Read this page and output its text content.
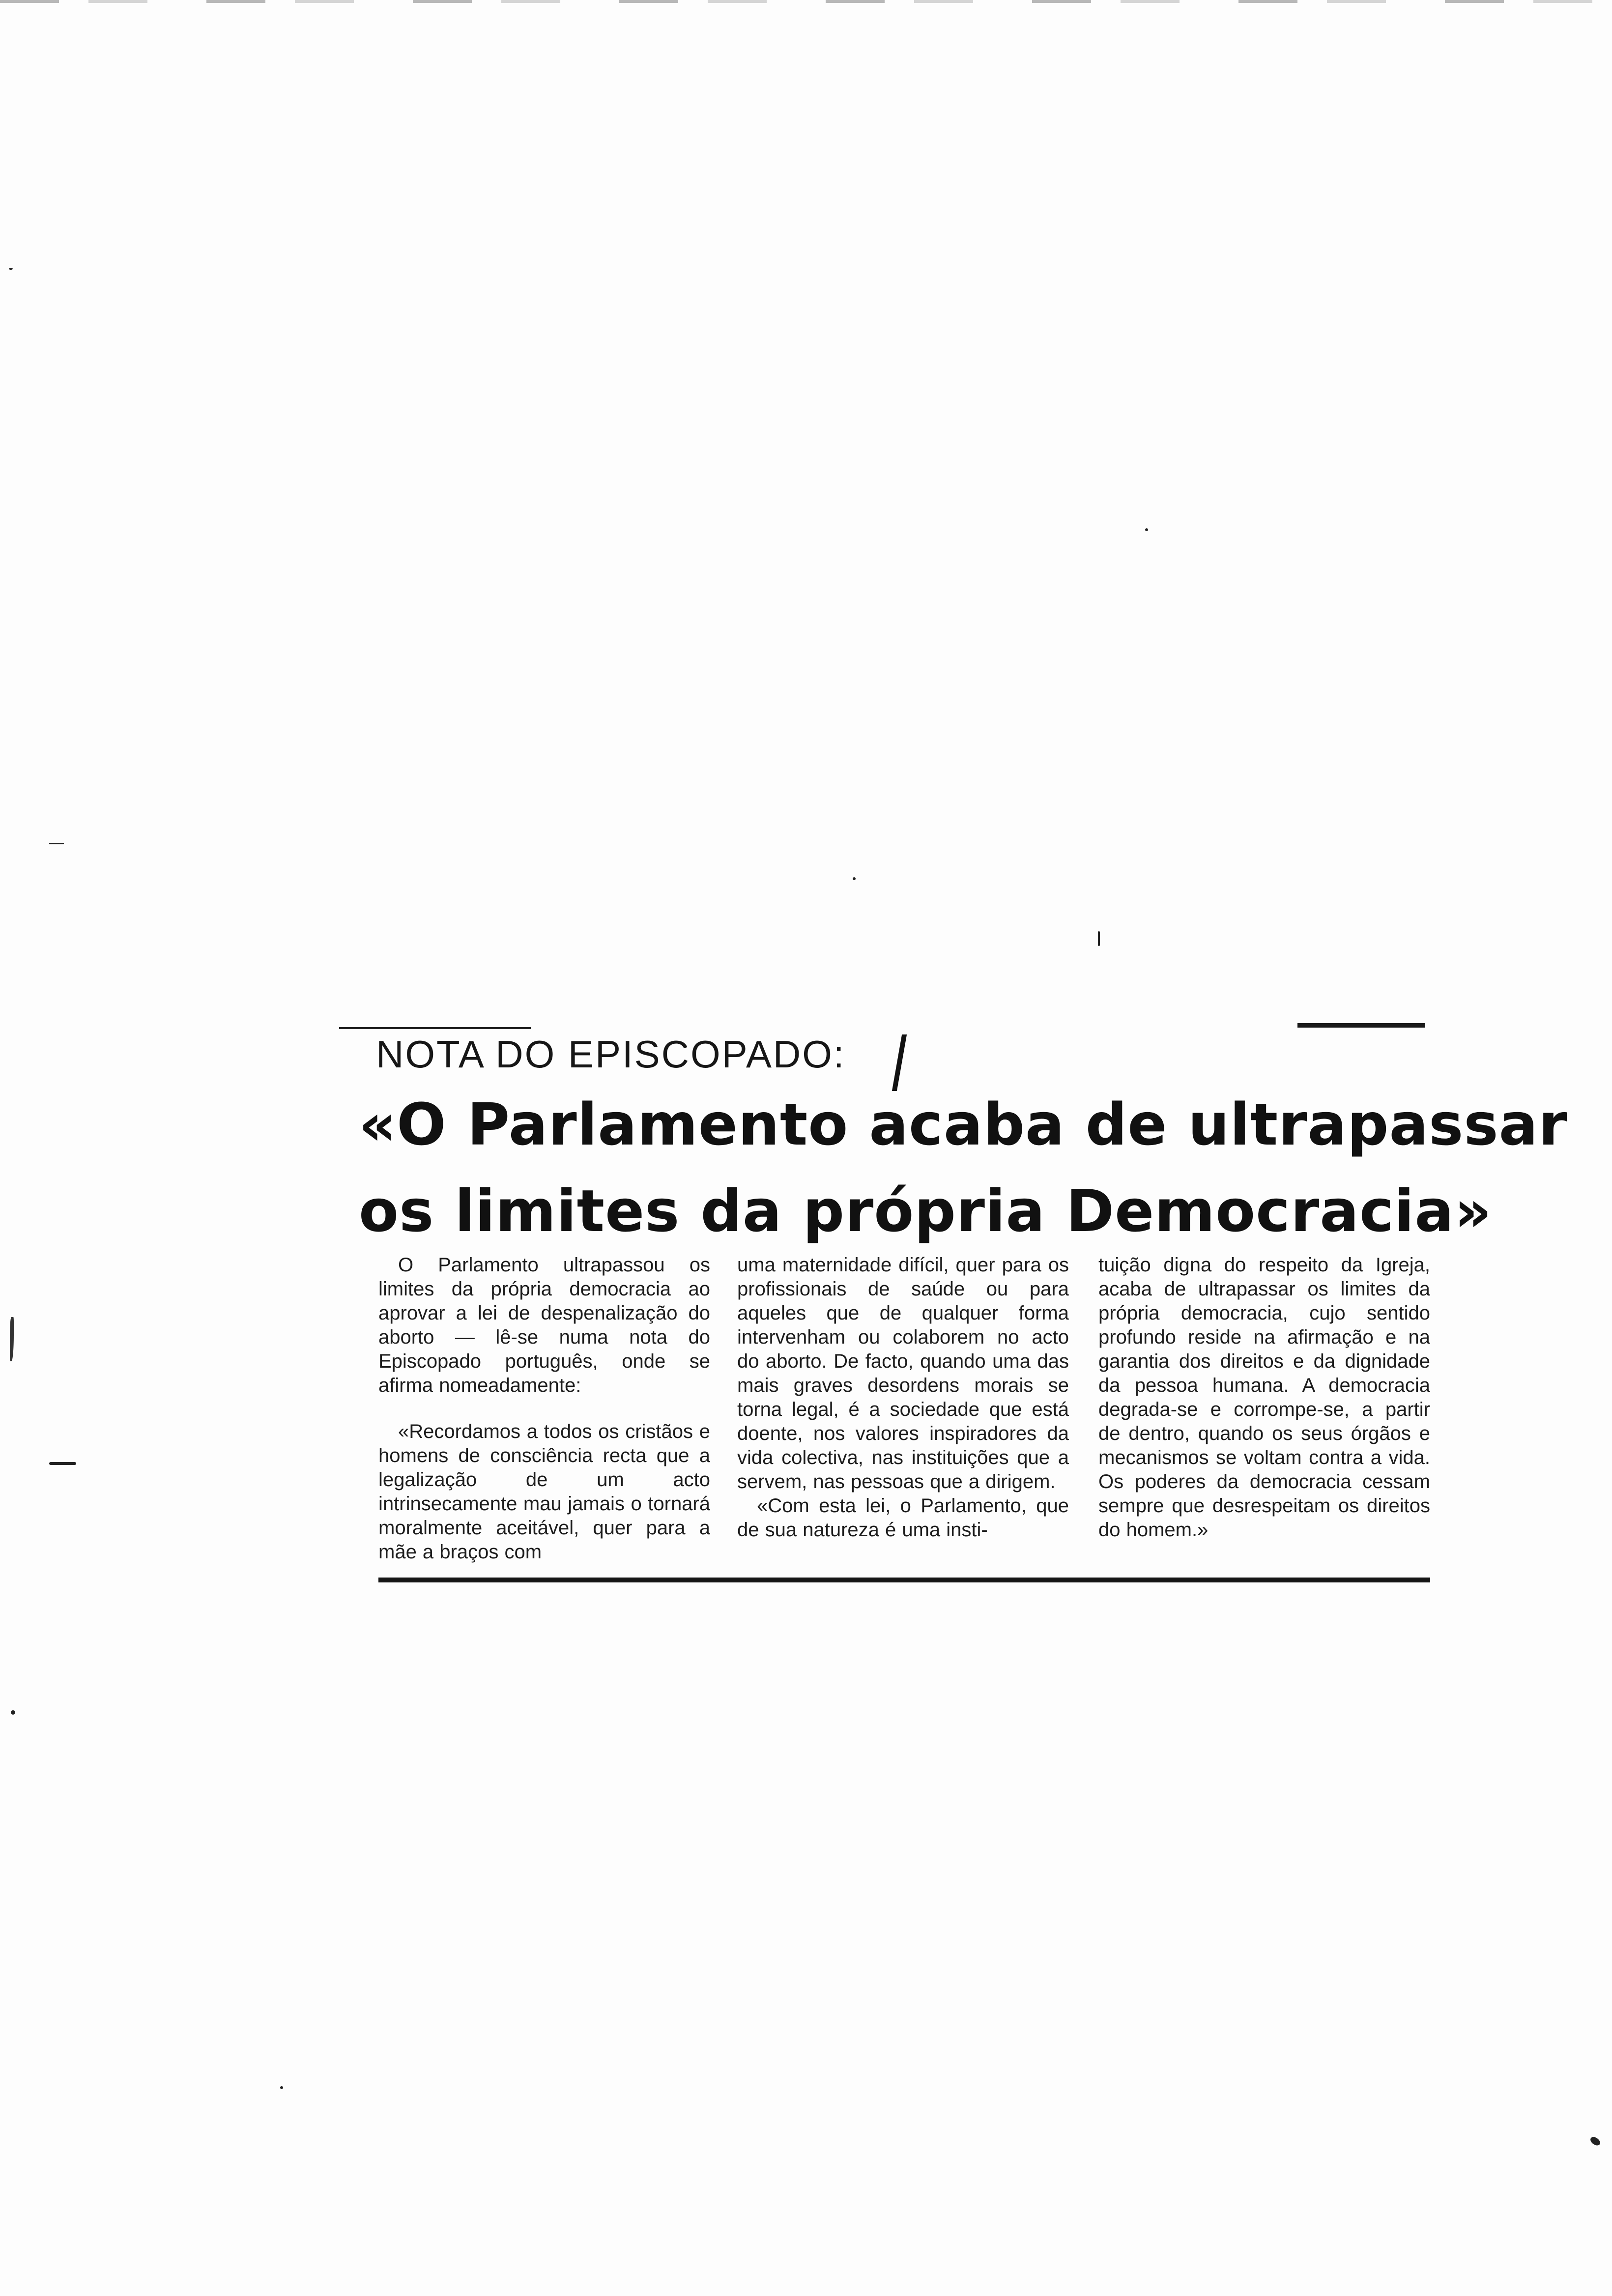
NOTA DO EPISCOPADO:
«O Parlamento acaba de ultrapassar
os limites da própria Democracia»

O Parlamento ultrapassou os limites da própria democracia ao aprovar a lei de despenalização do aborto — lê-se numa nota do Episcopado português, onde se afirma nomeadamente:

«Recordamos a todos os cristãos e homens de consciência recta que a legalização de um acto intrinsecamente mau jamais o tornará moralmente aceitável, quer para a mãe a braços com

uma maternidade difícil, quer para os profissionais de saúde ou para aqueles que de qualquer forma intervenham ou colaborem no acto do aborto. De facto, quando uma das mais graves desordens morais se torna legal, é a sociedade que está doente, nos valores inspiradores da vida colectiva, nas instituições que a servem, nas pessoas que a dirigem.

«Com esta lei, o Parlamento, que de sua natureza é uma insti-

tuição digna do respeito da Igreja, acaba de ultrapassar os limites da própria democracia, cujo sentido profundo reside na afirmação e na garantia dos direitos e da dignidade da pessoa humana. A democracia degrada-se e corrompe-se, a partir de dentro, quando os seus órgãos e mecanismos se voltam contra a vida. Os poderes da democracia cessam sempre que desrespeitam os direitos do homem.»
